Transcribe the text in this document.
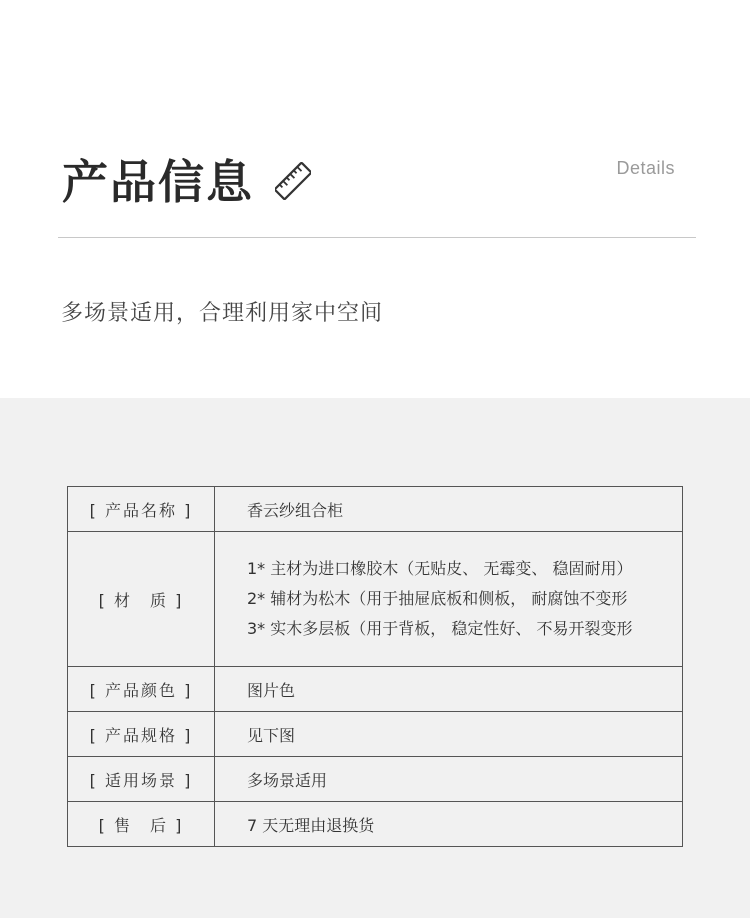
产品信息	Details
多场景适用，合理利用家中空间
[ 产品名称 ]	香云纱组合柜
[ 材　质 ]	1* 主材为进口橡胶木（无贴皮、 无霉变、 稳固耐用）
2* 辅材为松木（用于抽屉底板和侧板， 耐腐蚀不变形
3* 实木多层板（用于背板， 稳定性好、 不易开裂变形

[ 产品颜色 ]	图片色
[ 产品规格 ]	见下图
[ 适用场景 ]	多场景适用
[ 售　后 ]	7 天无理由退换货
